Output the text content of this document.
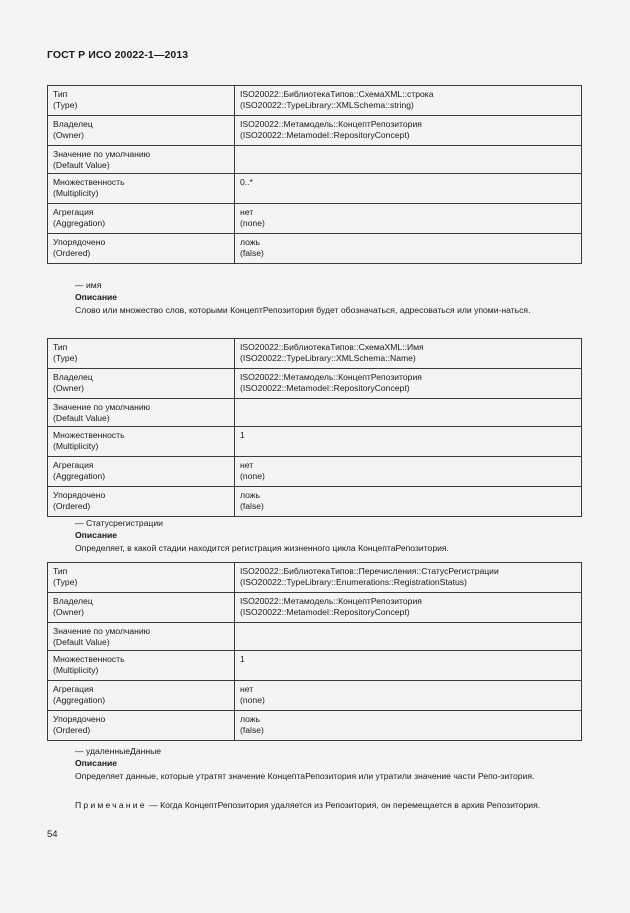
ГОСТ Р ИСО 20022-1—2013
Тип
(Type)	ISO20022::БиблиотекаТипов::СхемаXML::строка
(ISO20022::TypeLibrary::XMLSchema::string)

Владелец
(Owner)	ISO20022::Метамодель::КонцептРепозитория
(ISO20022::Metamodel::RepositoryConcept)

Значение по умолчанию
(Default Value)	

Множественность
(Multiplicity)	0..*

Агрегация
(Aggregation)	нет
(none)

Упорядочено
(Ordered)	ложь
(false)
— имя
Описание
Слово или множество слов, которыми КонцептРепозитория будет обозначаться, адресоваться или упоми-наться.
Тип
(Type)	ISO20022::БиблиотекаТипов::СхемаXML::Имя
(ISO20022::TypeLibrary::XMLSchema::Name)

Владелец
(Owner)	ISO20022::Метамодель::КонцептРепозитория
(ISO20022::Metamodel::RepositoryConcept)

Значение по умолчанию
(Default Value)	

Множественность
(Multiplicity)	1

Агрегация
(Aggregation)	нет
(none)

Упорядочено
(Ordered)	ложь
(false)
— Статусрегистрации
Описание
Определяет, в какой стадии находится регистрация жизненного цикла КонцептаРепозитория.
Тип
(Type)	ISO20022::БиблиотекаТипов::Перечисления::СтатусРегистрации
(ISO20022::TypeLibrary::Enumerations::RegistrationStatus)

Владелец
(Owner)	ISO20022::Метамодель::КонцептРепозитория
(ISO20022::Metamodel::RepositoryConcept)

Значение по умолчанию
(Default Value)	

Множественность
(Multiplicity)	1

Агрегация
(Aggregation)	нет
(none)

Упорядочено
(Ordered)	ложь
(false)
— удаленныеДанные
Описание
Определяет данные, которые утратят значение КонцептаРепозитория или утратили значение части Репо-зитория.
Примечание — Когда КонцептРепозитория удаляется из Репозитория, он перемещается в архив Репозитория.
54
